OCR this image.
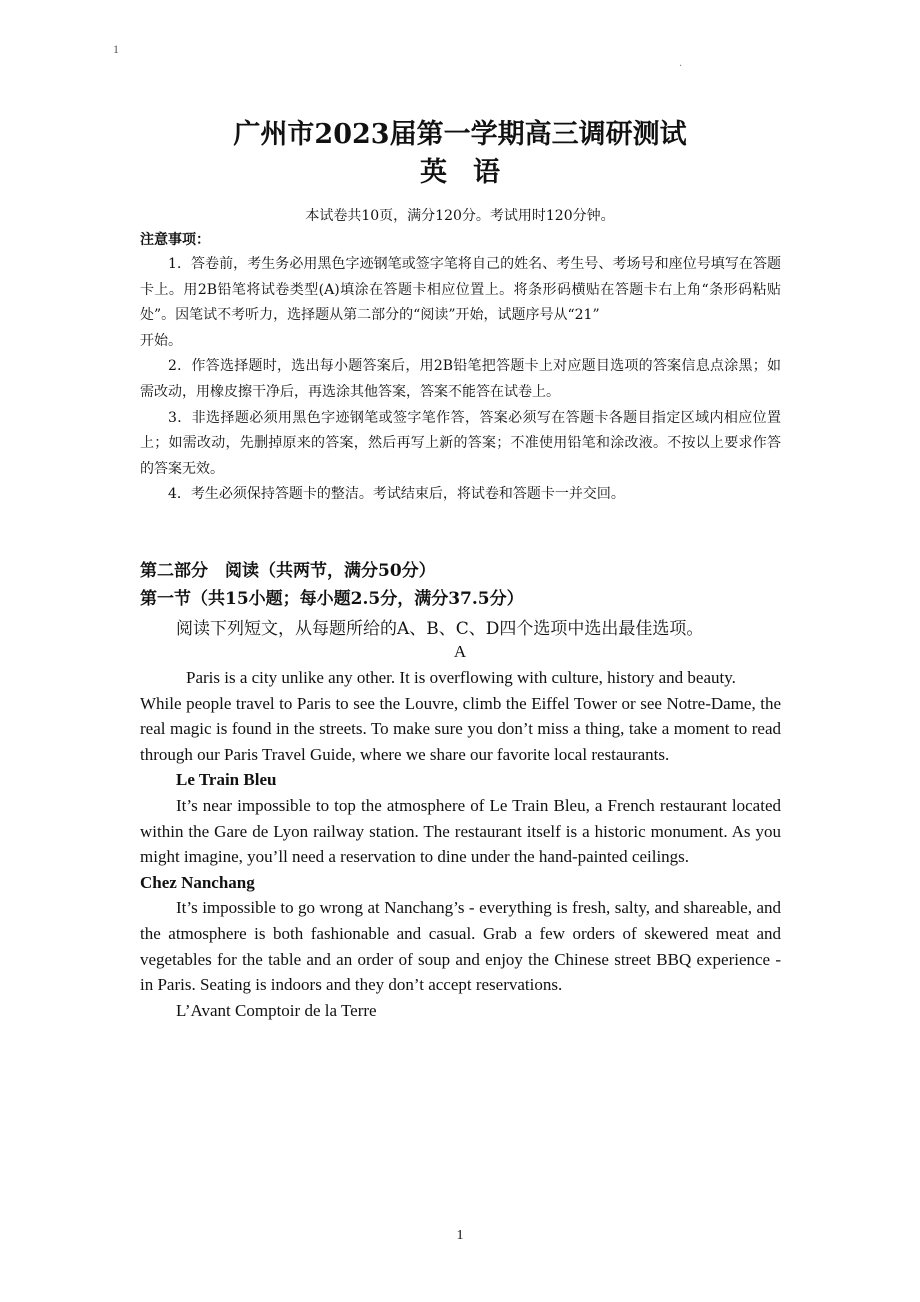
1
.
广州市2023届第一学期高三调研测试
英语
本试卷共10页，满分120分。考试用时120分钟。
注意事项：

1．答卷前，考生务必用黑色字迹钢笔或签字笔将自己的姓名、考生号、考场号和座位号填写在答题卡上。用2B铅笔将试卷类型(A)填涂在答题卡相应位置上。将条形码横贴在答题卡右上角“条形码粘贴处”。因笔试不考听力，选择题从第二部分的“阅读”开始，试题序号从“21”

开始。

2．作答选择题时，选出每小题答案后，用2B铅笔把答题卡上对应题目选项的答案信息点涂黑；如需改动，用橡皮擦干净后，再选涂其他答案，答案不能答在试卷上。

3．非选择题必须用黑色字迹钢笔或签字笔作答，答案必须写在答题卡各题目指定区域内相应位置上；如需改动，先删掉原来的答案，然后再写上新的答案；不准使用铅笔和涂改液。不按以上要求作答的答案无效。

4．考生必须保持答题卡的整洁。考试结束后，将试卷和答题卡一并交回。

第二部分　阅读（共两节，满分50分）
第一节（共15小题；每小题2.5分，满分37.5分）
阅读下列短文，从每题所给的A、B、C、D四个选项中选出最佳选项。
A

Paris is a city unlike any other. It is overflowing with culture, history and beauty.

While people travel to Paris to see the Louvre, climb the Eiffel Tower or see Notre-Dame, the real magic is found in the streets. To make sure you don’t miss a thing, take a moment to read through our Paris Travel Guide, where we share our favorite local restaurants.

Le Train Bleu

It’s near impossible to top the atmosphere of Le Train Bleu, a French restaurant located within the Gare de Lyon railway station. The restaurant itself is a historic monument. As you might imagine, you’ll need a reservation to dine under the hand-painted ceilings.

Chez Nanchang

It’s impossible to go wrong at Nanchang’s - everything is fresh, salty, and shareable, and the atmosphere is both fashionable and casual. Grab a few orders of skewered meat and vegetables for the table and an order of soup and enjoy the Chinese street BBQ experience - in Paris. Seating is indoors and they don’t accept reservations.

L’Avant Comptoir de la Terre

1
